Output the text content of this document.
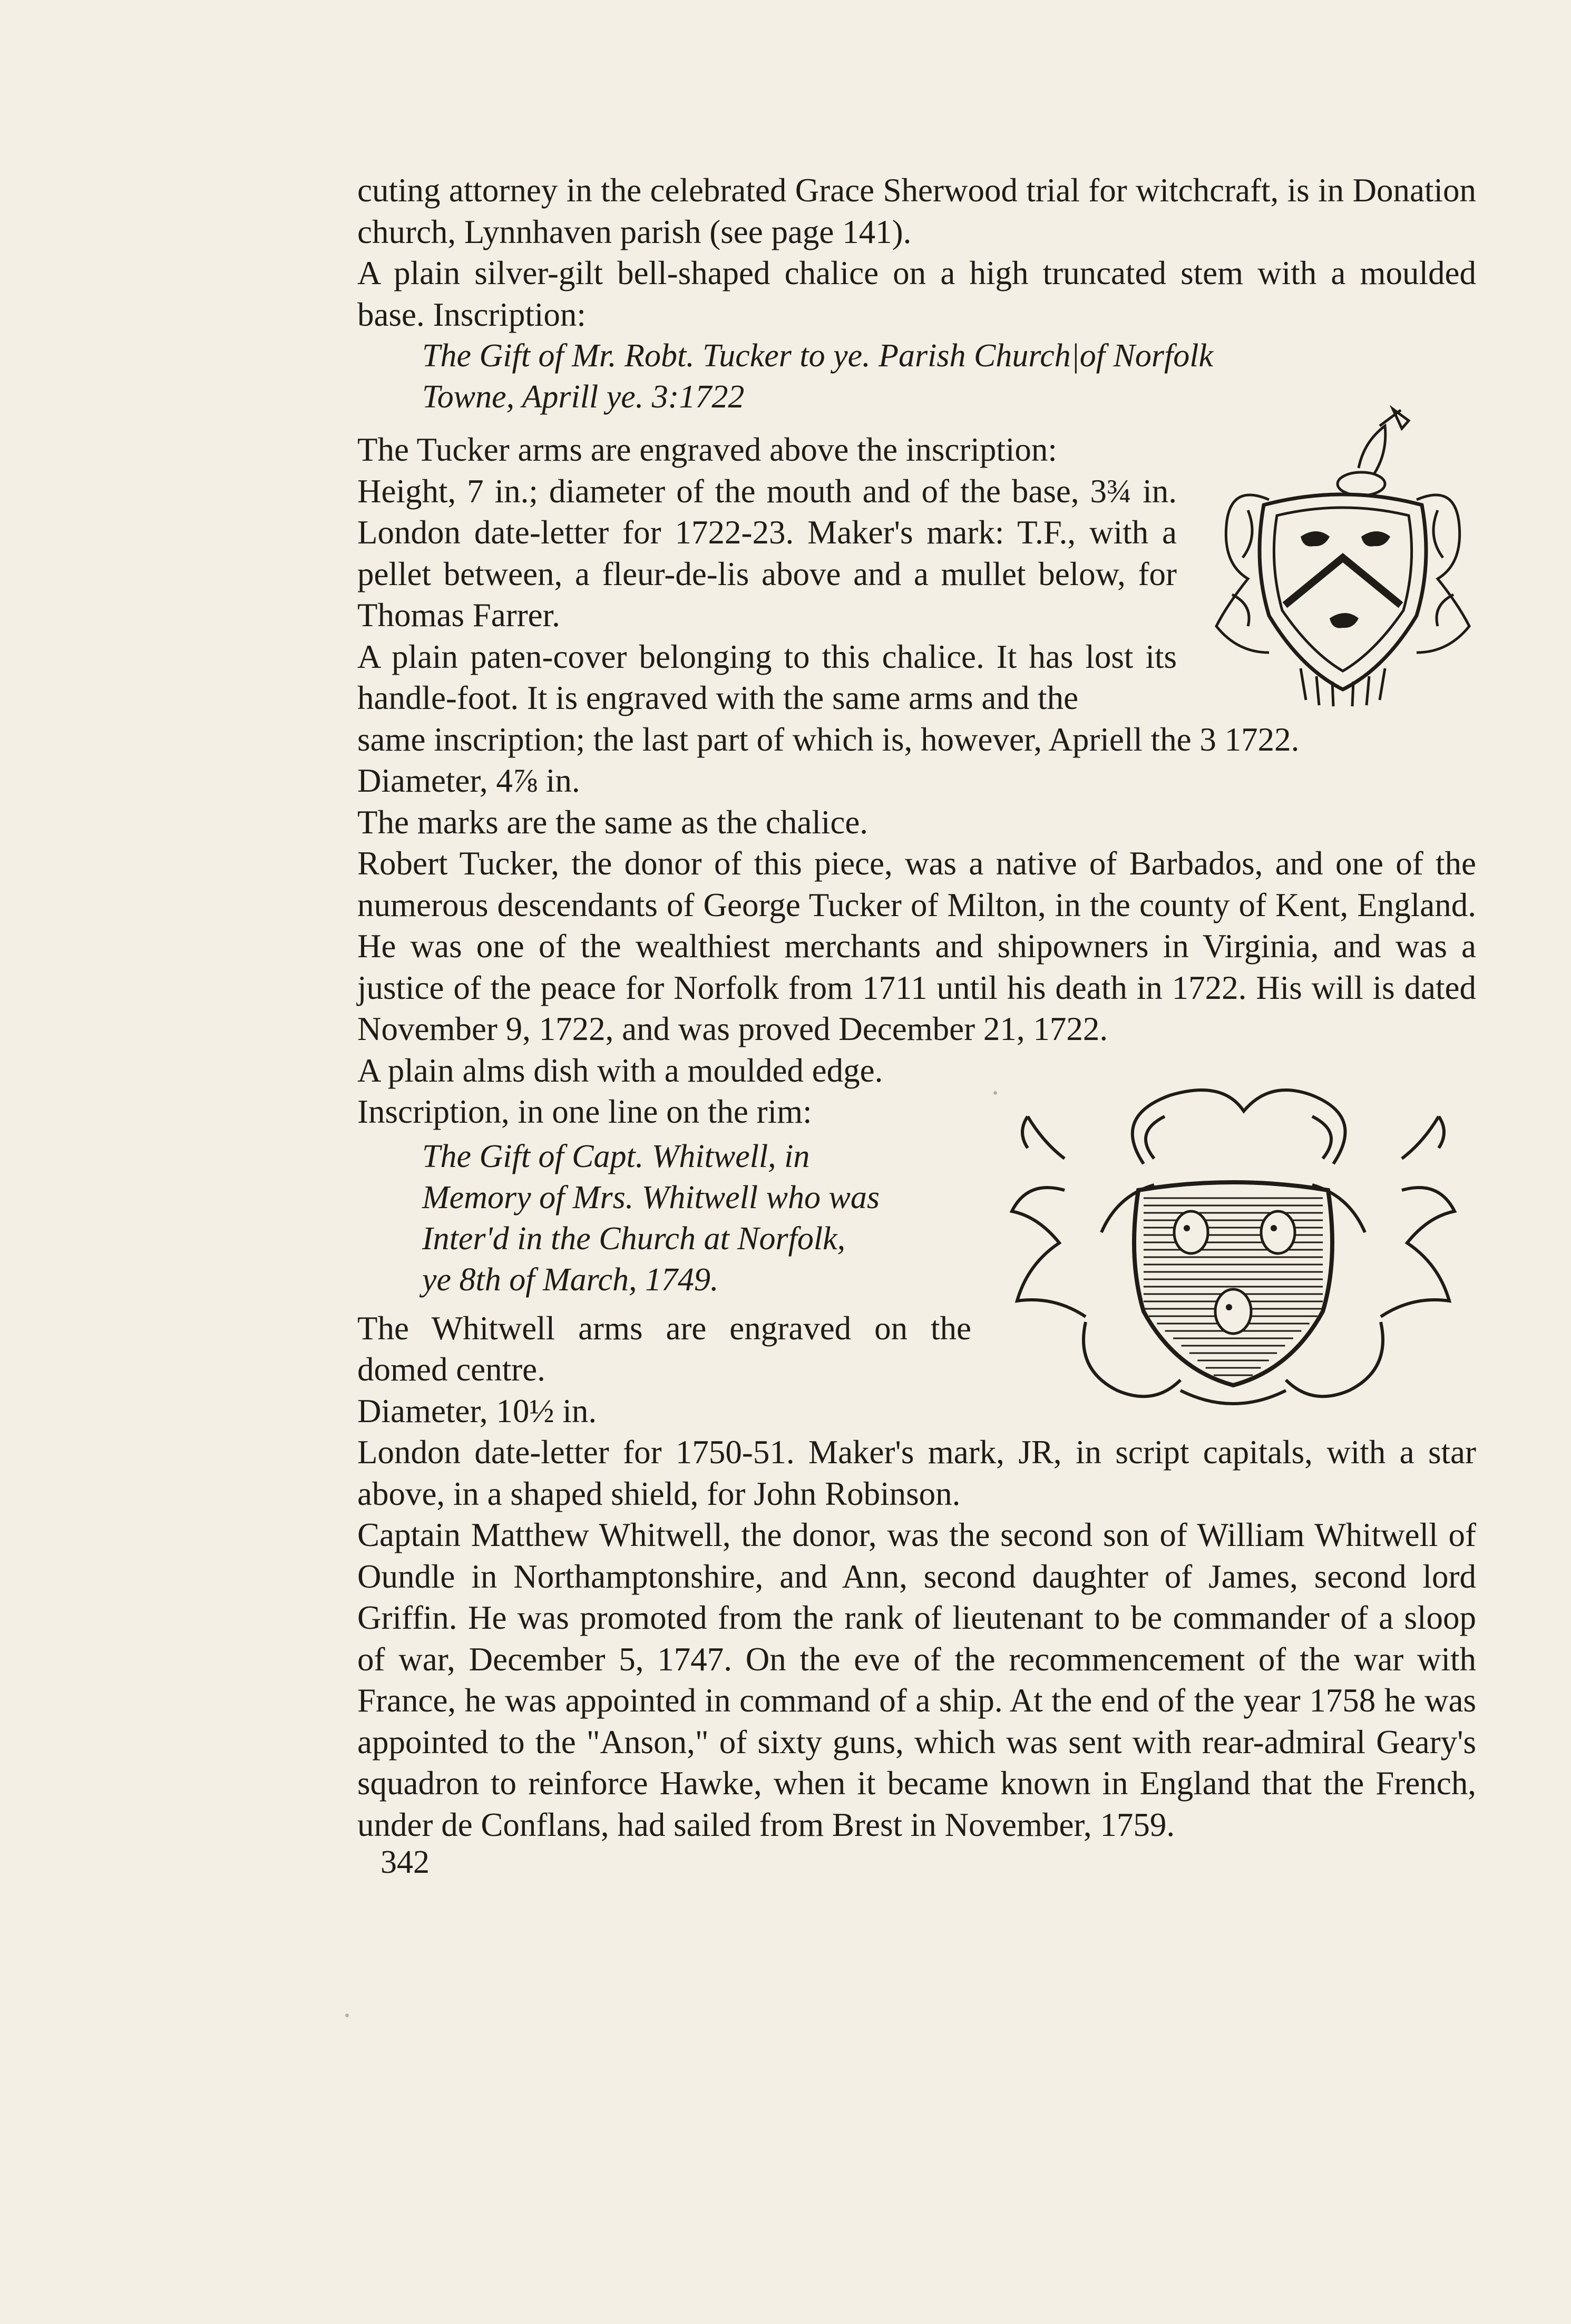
cuting attorney in the celebrated Grace Sherwood trial for witchcraft, is in Donation church, Lynnhaven parish (see page 141).

A plain silver-gilt bell-shaped chalice on a high truncated stem with a moulded base. Inscription:

The Gift of Mr. Robt. Tucker to ye. Parish Church|of Norfolk
Towne, Aprill ye. 3:1722

The Tucker arms are engraved above the inscription:

Height, 7 in.; diameter of the mouth and of the base, 3¾ in. London date-letter for 1722-23. Maker's mark: T.F., with a pellet between, a fleur-de-lis above and a mullet below, for Thomas Farrer.

A plain paten-cover belonging to this chalice. It has lost its handle-foot. It is engraved with the same arms and the

same inscription; the last part of which is, however, Apriell the 3 1722.

Diameter, 4⅞ in.

The marks are the same as the chalice.

Robert Tucker, the donor of this piece, was a native of Barbados, and one of the numerous descendants of George Tucker of Milton, in the county of Kent, England. He was one of the wealthiest merchants and shipowners in Virginia, and was a justice of the peace for Norfolk from 1711 until his death in 1722. His will is dated November 9, 1722, and was proved December 21, 1722.

A plain alms dish with a moulded edge.

Inscription, in one line on the rim:

The Gift of Capt. Whitwell, in
Memory of Mrs. Whitwell who was
Inter'd in the Church at Norfolk,
ye 8th of March, 1749.

The Whitwell arms are engraved on the domed centre.

Diameter, 10½ in.

London date-letter for 1750-51. Maker's mark, JR, in script capitals, with a star above, in a shaped shield, for John Robinson.

Captain Matthew Whitwell, the donor, was the second son of William Whitwell of Oundle in Northamptonshire, and Ann, second daughter of James, second lord Griffin. He was promoted from the rank of lieutenant to be commander of a sloop of war, December 5, 1747. On the eve of the recommencement of the war with France, he was appointed in command of a ship. At the end of the year 1758 he was appointed to the "Anson," of sixty guns, which was sent with rear-admiral Geary's squadron to reinforce Hawke, when it became known in England that the French, under de Conflans, had sailed from Brest in November, 1759.

342
